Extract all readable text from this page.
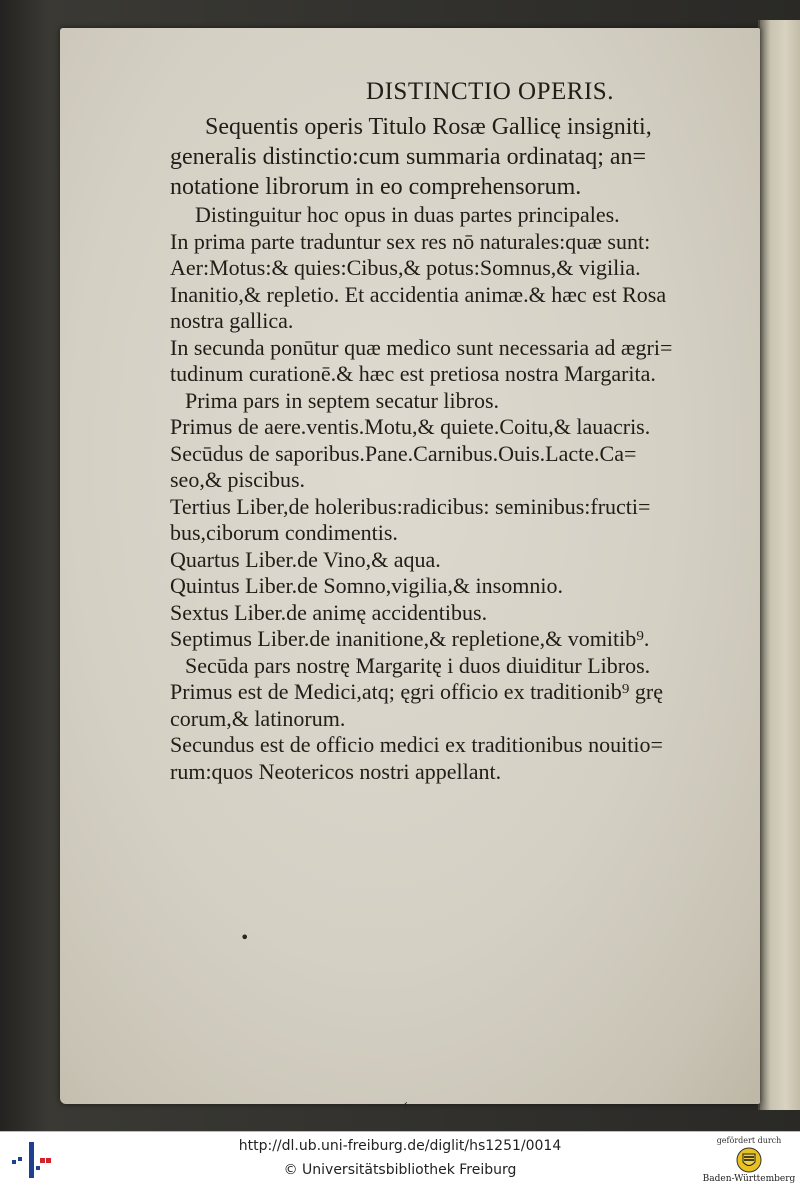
DISTINCTIO OPERIS.

Sequentis operis Titulo Rosæ Gallicę insigniti,

generalis distinctio:cum summaria ordinataq; an=

notatione librorum in eo comprehensorum.

Distinguitur hoc opus in duas partes principales.

In prima parte traduntur sex res nō naturales:quæ sunt:

Aer:Motus:& quies:Cibus,& potus:Somnus,& vigilia.

Inanitio,& repletio. Et accidentia animæ.& hæc est Rosa

nostra gallica.

In secunda ponūtur quæ medico sunt necessaria ad ægri=

tudinum curationē.& hæc est pretiosa nostra Margarita.

Prima pars in septem secatur libros.

Primus de aere.ventis.Motu,& quiete.Coitu,& lauacris.

Secūdus de saporibus.Pane.Carnibus.Ouis.Lacte.Ca=

seo,& piscibus.

Tertius Liber,de holeribus:radicibus: seminibus:fructi=

bus,ciborum condimentis.

Quartus Liber.de Vino,& aqua.

Quintus Liber.de Somno,vigilia,& insomnio.

Sextus Liber.de animę accidentibus.

Septimus Liber.de inanitione,& repletione,& vomitib⁹.

Secūda pars nostrę Margaritę i duos diuiditur Libros.

Primus est de Medici,atq; ęgri officio ex traditionib⁹ grę

corum,& latinorum.

Secundus est de officio medici ex traditionibus nouitio=

rum:quos Neotericos nostri appellant.

•
‹
http://dl.ub.uni-freiburg.de/diglit/hs1251/0014
© Universitätsbibliothek Freiburg
gefördert durch
Baden-Württemberg
